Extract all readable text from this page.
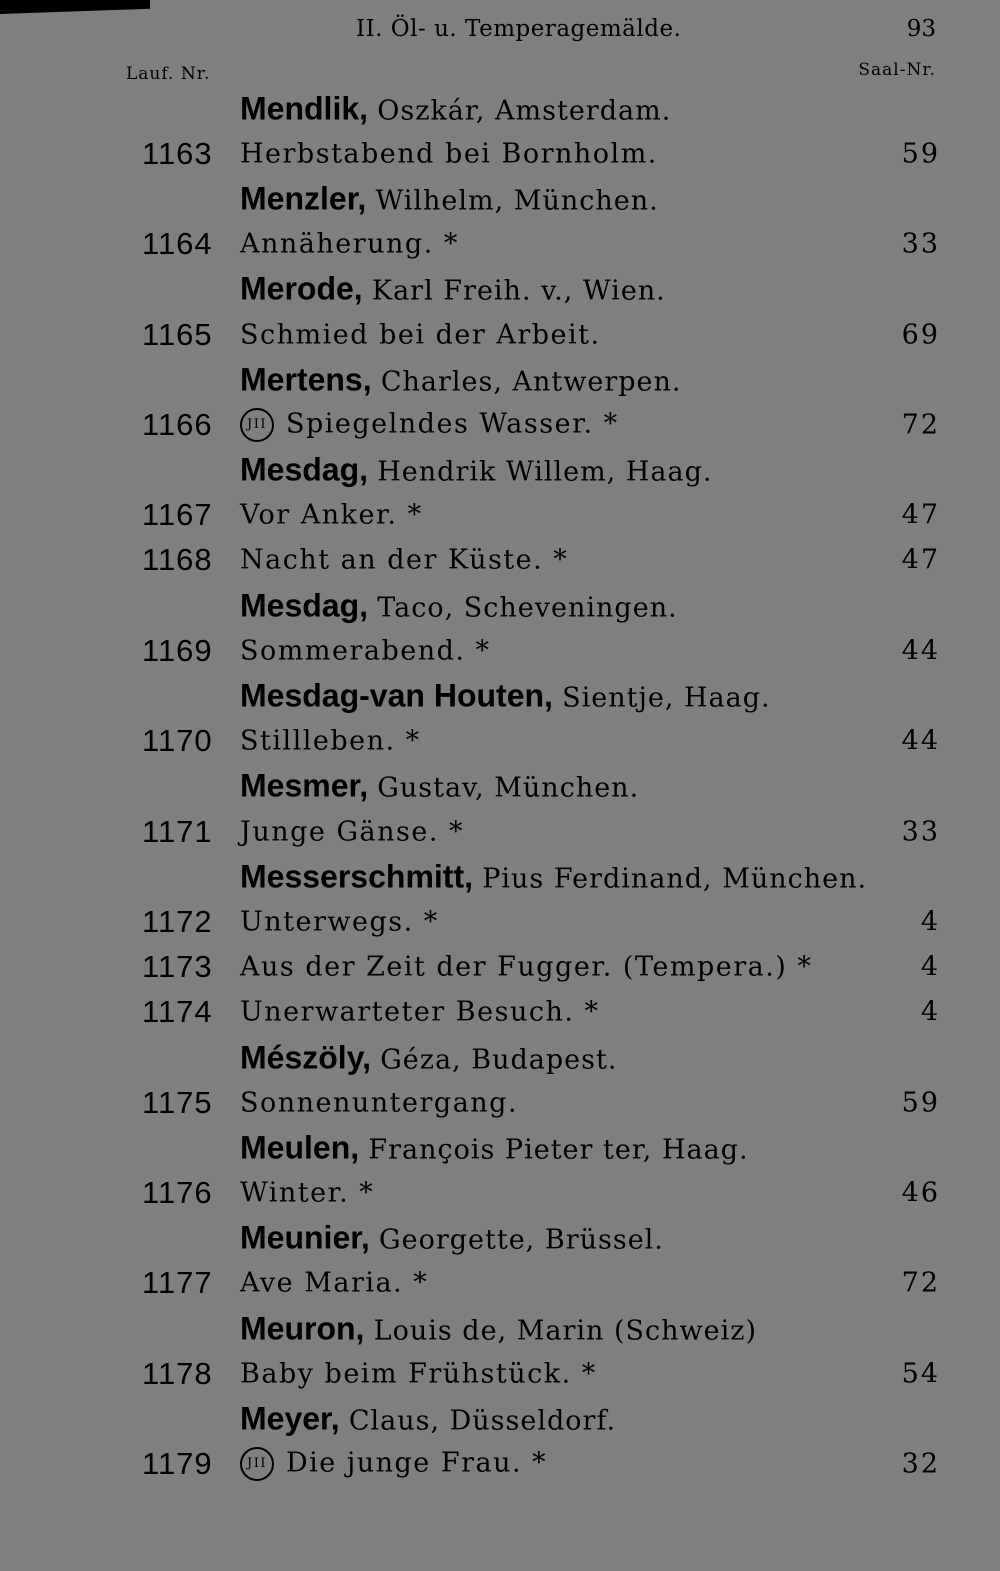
II. Öl- u. Temperagemälde.	93
Lauf. Nr.	Saal-Nr.
Mendlik, Oszkár, Amsterdam.
1163 Herbstabend bei Bornholm.	59
Menzler, Wilhelm, München.
1164 Annäherung. *	33
Merode, Karl Freih. v., Wien.
1165 Schmied bei der Arbeit.	69
Mertens, Charles, Antwerpen.
1166	JII Spiegelndes Wasser. *	72
Mesdag, Hendrik Willem, Haag.
1167 Vor Anker. *	47
1168 Nacht an der Küste. *	47
Mesdag, Taco, Scheveningen.
1169 Sommerabend. *	44
Mesdag-van Houten, Sientje, Haag.
1170 Stillleben. *	44
Mesmer, Gustav, München.
1171 Junge Gänse. *	33
Messerschmitt, Pius Ferdinand, München.
1172 Unterwegs. *	4
1173 Aus der Zeit der Fugger. (Tempera.) *	4
1174 Unerwarteter Besuch. *	4
Mészöly, Géza, Budapest.
1175 Sonnenuntergang.	59
Meulen, François Pieter ter, Haag.
1176 Winter. *	46
Meunier, Georgette, Brüssel.
1177 Ave Maria. *	72
Meuron, Louis de, Marin (Schweiz)
1178 Baby beim Frühstück. *	54
Meyer, Claus, Düsseldorf.
1179	JII Die junge Frau. *	32
